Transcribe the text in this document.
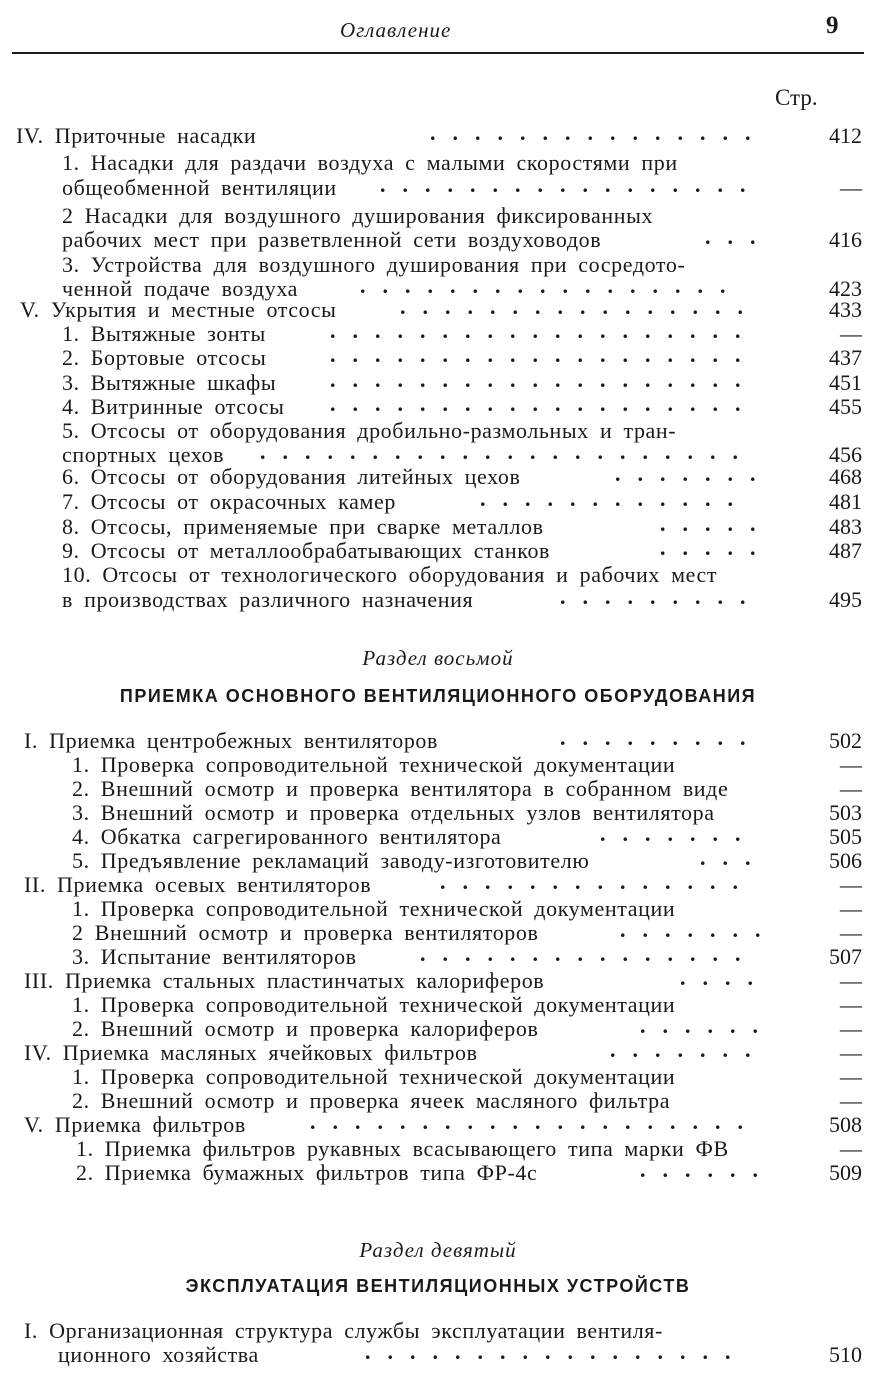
Оглавление	9
Стр.
IV. Приточные насадки	...............	412
1. Насадки для раздачи воздуха с малыми скоростями при
общеобменной вентиляции .................	—
2 Насадки для воздушного душирования фиксированных
рабочих мест при разветвленной сети воздуховодов	...	416
3. Устройства для воздушного душирования при сосредото-
ченной подаче воздуха	.................	423
V. Укрытия и местные отсосы	................	433
1. Вытяжные зонты	...................	—
2. Бортовые отсосы	...................	437
3. Вытяжные шкафы ...................	451
4. Витринные отсосы ...................	455
5. Отсосы от оборудования дробильно-размольных и тран-
спортных цехов ......................	456
6. Отсосы от оборудования литейных цехов	.......	468
7. Отсосы от окрасочных камер	............	481
8. Отсосы, применяемые при сварке металлов	.....	483
9. Отсосы от металлообрабатывающих станков	.....	487
10. Отсосы от технологического оборудования и рабочих мест
в производствах различного назначения	.........	495
Раздел восьмой
ПРИЕМКА ОСНОВНОГО ВЕНТИЛЯЦИОННОГО ОБОРУДОВАНИЯ
I. Приемка центробежных вентиляторов	.........	502
1. Проверка сопроводительной технической документации	—
2. Внешний осмотр и проверка вентилятора в собранном виде	—
3. Внешний осмотр и проверка отдельных узлов вентилятора	503
4. Обкатка сагрегированного вентилятора	.......	505
5. Предъявление рекламаций заводу-изготовителю	...	506
II. Приемка осевых вентиляторов	..............	—
1. Проверка сопроводительной технической документации	—
2 Внешний осмотр и проверка вентиляторов	.......	—
3. Испытание вентиляторов	...............	507
III. Приемка стальных пластинчатых калориферов	....	—
1. Проверка сопроводительной технической документации	—
2. Внешний осмотр и проверка калориферов	......	—
IV. Приемка масляных ячейковых фильтров	.......	—
1. Проверка сопроводительной технической документации	—
2. Внешний осмотр и проверка ячеек масляного фильтра	—
V. Приемка фильтров	....................	508
1. Приемка фильтров рукавных всасывающего типа марки ФВ	—
2. Приемка бумажных фильтров типа ФР-4с	...... 509
Раздел девятый
ЭКСПЛУАТАЦИЯ ВЕНТИЛЯЦИОННЫХ УСТРОЙСТВ
I. Организационная структура службы эксплуатации вентиля-
ционного хозяйства	.................	510
